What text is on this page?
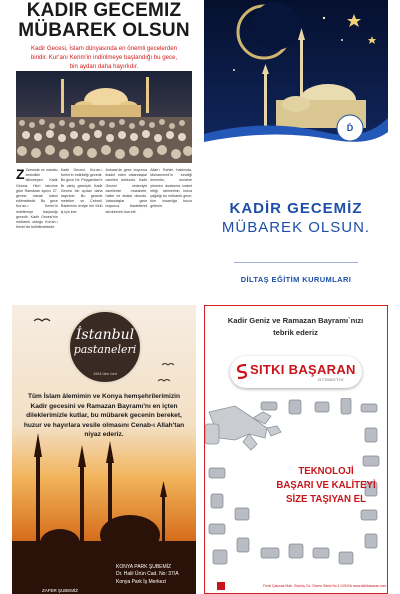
KADIR GECEMIZ
MÜBAREK OLSUN
Kadir Gecesi, İslam dünyasında en önemli gecelerden
biridir. Kur'anı Kerim'in indirilmeye başlandığı bu gece,
bin aydan daha hayırlıdır.
Z Zamanla ve manâsı kesinlikle bilinmeyen Kadir Gecesi, Hicrî takvime göre Ramazan ayının 27. gecesi olarak kabul edilmektedir. Bu gece Kur'an-ı Kerim'in indirilmeye başladığı gecedir. Kadir Gecesi'nin mübarek olduğu Kur'an-ı Kerim'de belirtilmektedir.
Kadir Gecesi, Kur'an-ı Kerim'in indirildiği gecedir. Bu gece Hz. Peygamber'e ilk vahiy gelmiştir. Kadir Gecesi bin aydan daha hayırlıdır. Bu gecede melekler ve Cebrail, Rablerinin izniyle her türlü iş için iner.
Ankara'da gece boyunca ibadet eden vatandaşlar camileri doldurdu. Kadir Gecesi nedeniyle camilerde mukabele, hatim ve dualar okundu. Vatandaşlar gece boyunca ibadetlerini sürdürerek dua etti.
Allah'ı Rahim hakkında, Muhammed'in sevdiği ümmetin, kendine yönelen dualarına icabet ettiği, rahmetinin bolca yağdığı bu mübarek gece; tüm insanlığa huzur getirsin.
Ḋ
KADİR GECEMİZ
MÜBAREK OLSUN.
DİLTAŞ EĞİTİM KURUMLARI
İstanbul
pastaneleri
1961'den beri
Tüm İslam âlemimin ve Konya hemşehrilerimizin
Kadir gecesini ve Ramazan Bayramı'nı en içten
dileklerimizle kutlar, bu mübarek gecenin bereket,
huzur ve hayırlara vesile olmasını Cenab-ı Allah'tan
niyaz ederiz.
KONYA PARK ŞUBEMİZ
Dr. Halil Ürün Cad. No: 37/A
Konya Park İş Merkezi
ZAFER ŞUBEMİZ
Kadir Geniz ve Ramazan Bayramı`nızı
tebrik ederiz
SITKI BAŞARAN
OTOMOTİV
TEKNOLOJİ
BAŞARI VE KALİTEYİ
SİZE TAŞIYAN EL
Fevzi Çakmak Mah. Gümüş Cd. Otomo Sitesi No:1 KONYA www.sitkibasaran.com
